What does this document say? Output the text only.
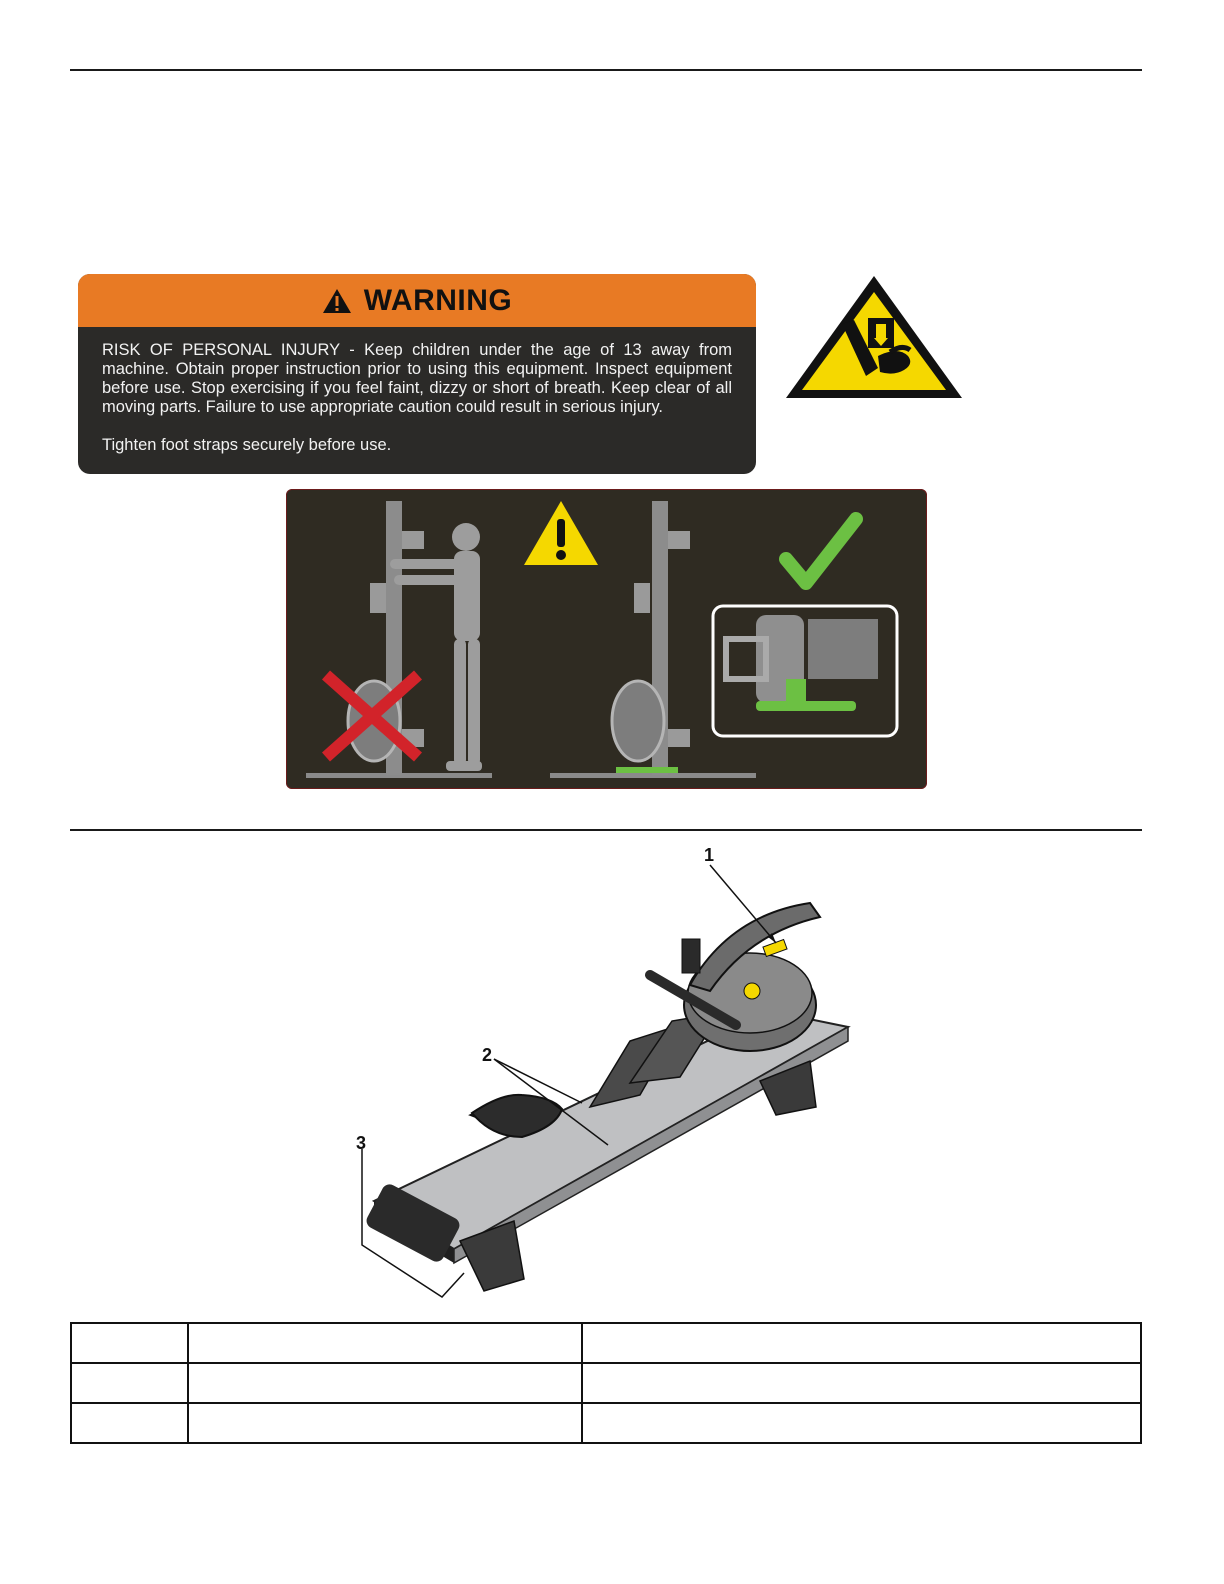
WARNING

RISK OF PERSONAL INJURY - Keep children under the age of 13 away from machine. Obtain proper instruction prior to using this equipment. Inspect equipment before use. Stop exercising if you feel faint, dizzy or short of breath. Keep clear of all moving parts. Failure to use appropriate caution could result in serious injury.

Tighten foot straps securely before use.

1
2
3
